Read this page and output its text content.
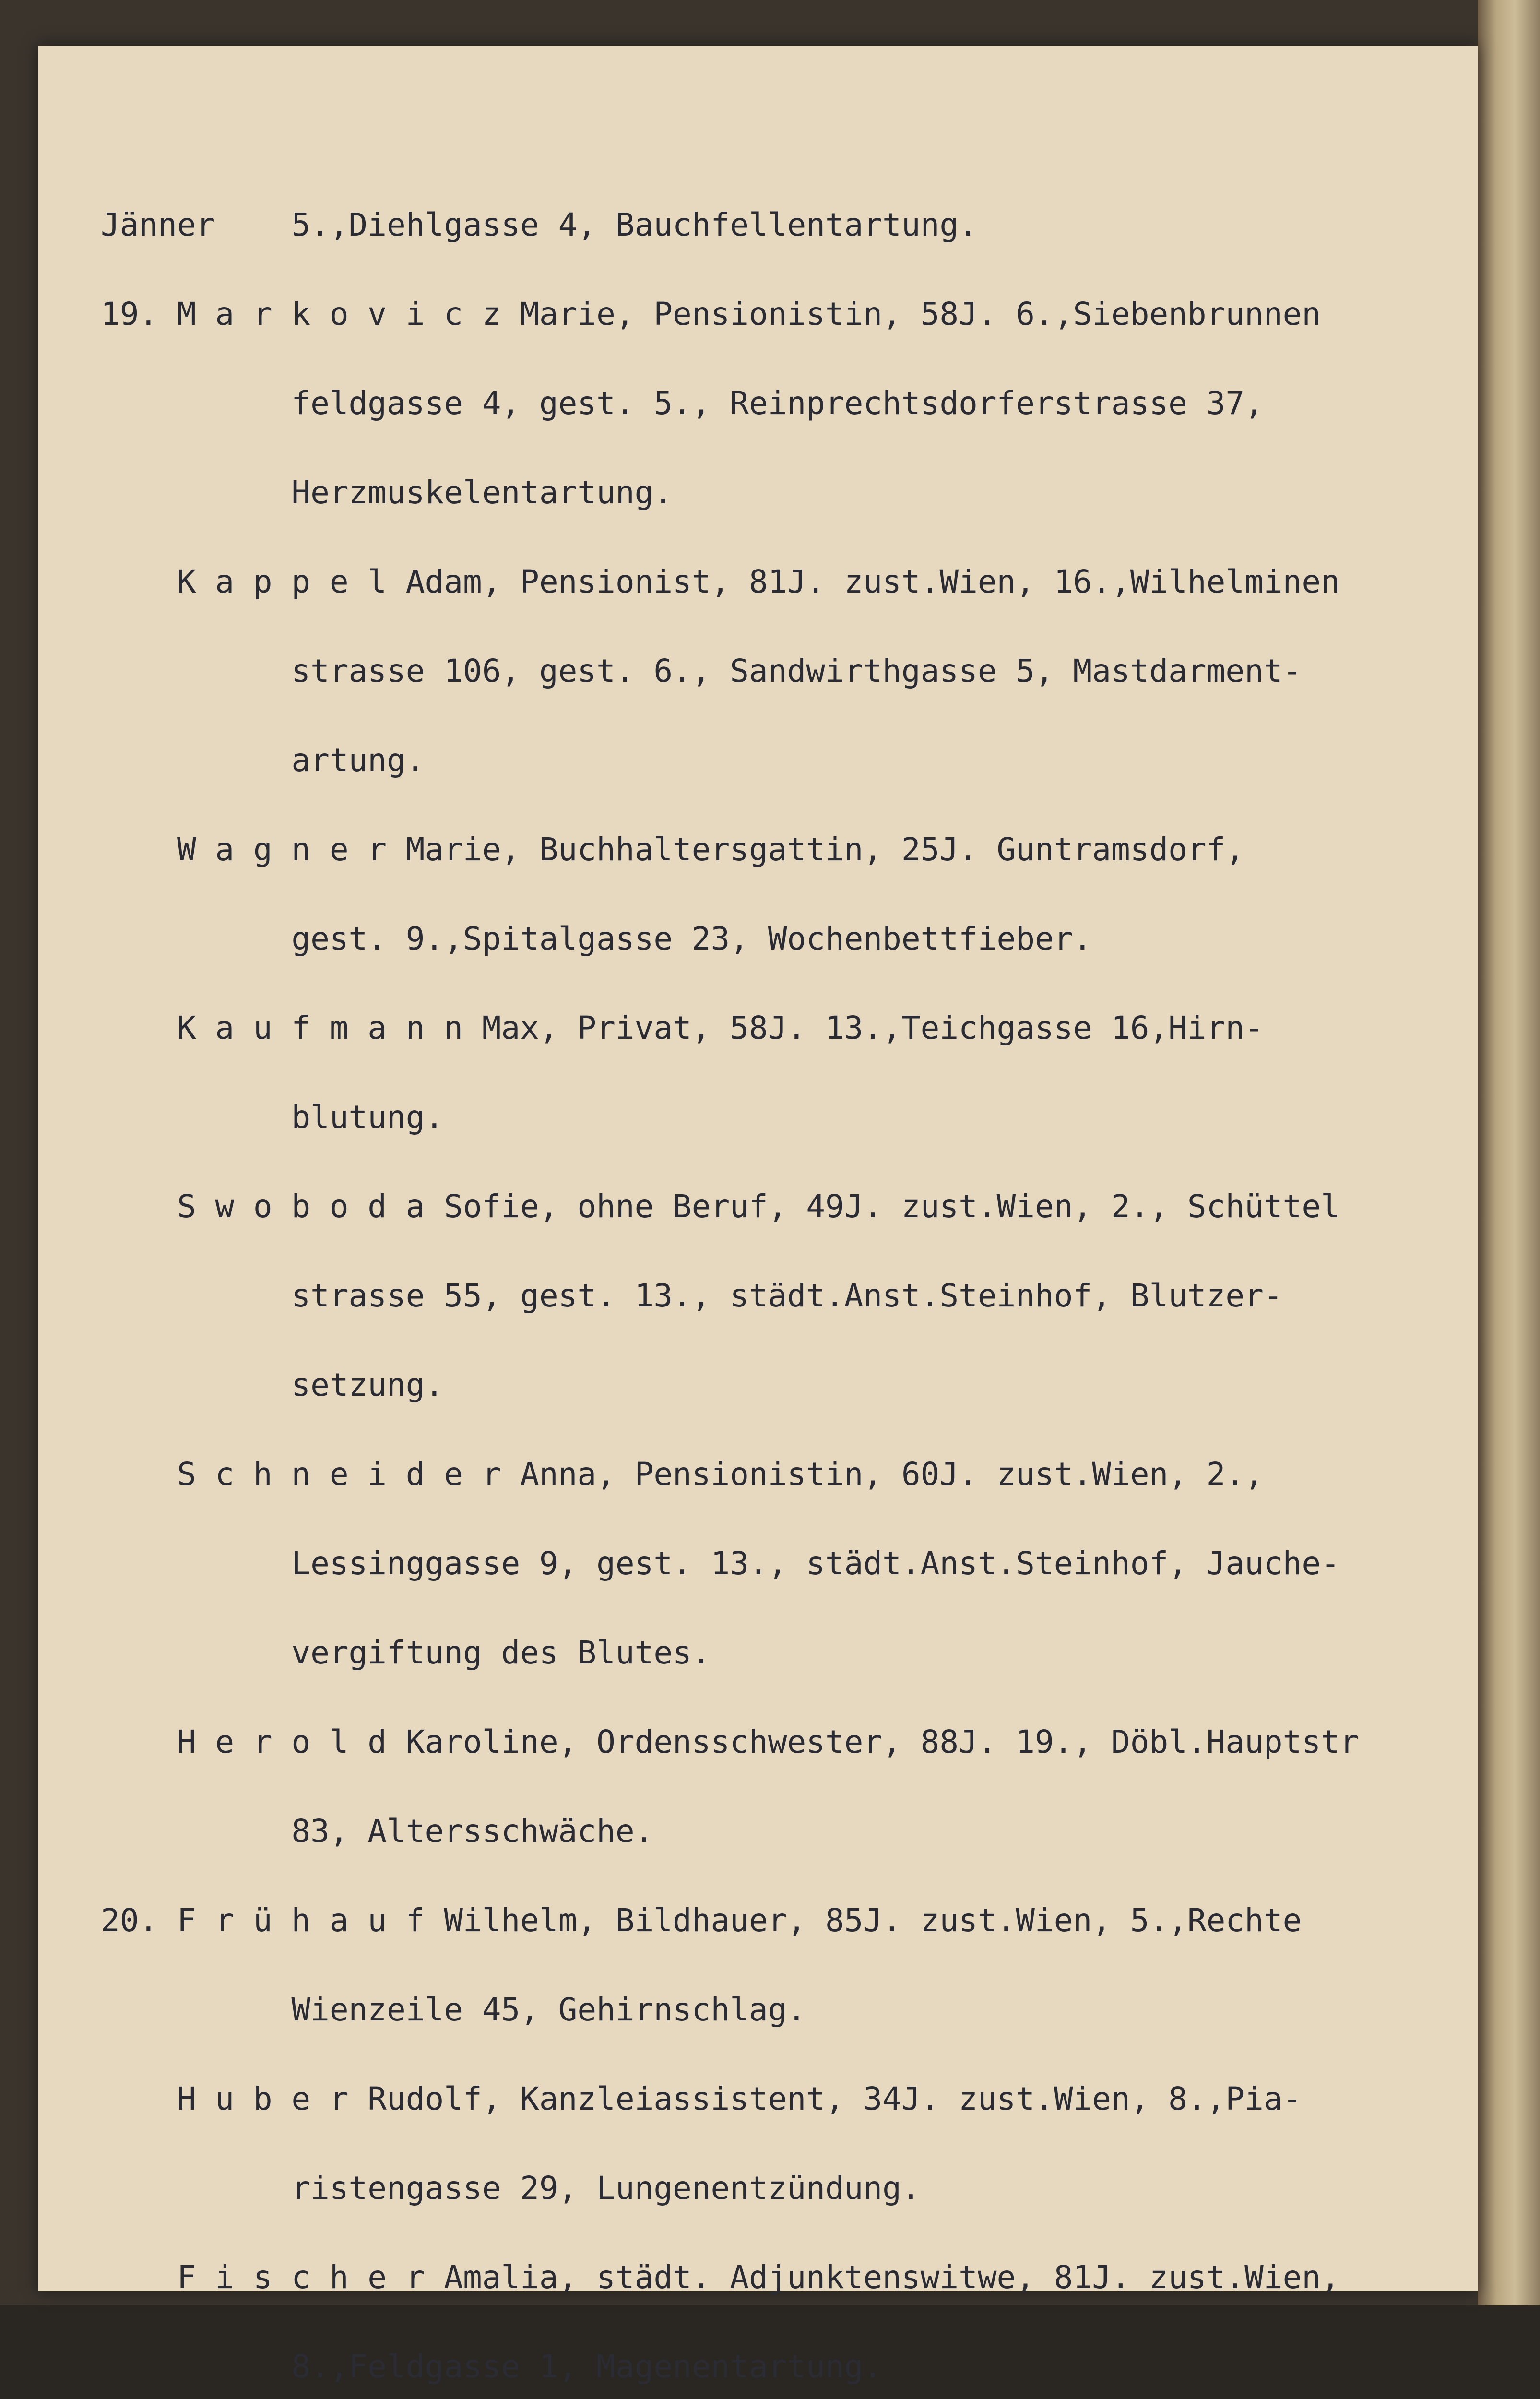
Jänner    5.,Diehlgasse 4, Bauchfellentartung.

19. M a r k o v i c z Marie, Pensionistin, 58J. 6.,Siebenbrunnen

feldgasse 4, gest. 5., Reinprechtsdorferstrasse 37,

Herzmuskelentartung.

K a p p e l Adam, Pensionist, 81J. zust.Wien, 16.,Wilhelminen

strasse 106, gest. 6., Sandwirthgasse 5, Mastdarment-

artung.

W a g n e r Marie, Buchhaltersgattin, 25J. Guntramsdorf,

gest. 9.,Spitalgasse 23, Wochenbettfieber.

K a u f m a n n Max, Privat, 58J. 13.,Teichgasse 16,Hirn-

blutung.

S w o b o d a Sofie, ohne Beruf, 49J. zust.Wien, 2., Schüttel

strasse 55, gest. 13., städt.Anst.Steinhof, Blutzer-

setzung.

S c h n e i d e r Anna, Pensionistin, 60J. zust.Wien, 2.,

Lessinggasse 9, gest. 13., städt.Anst.Steinhof, Jauche-

vergiftung des Blutes.

H e r o l d Karoline, Ordensschwester, 88J. 19., Döbl.Hauptstr

83, Altersschwäche.

20. F r ü h a u f Wilhelm, Bildhauer, 85J. zust.Wien, 5.,Rechte

Wienzeile 45, Gehirnschlag.

H u b e r Rudolf, Kanzleiassistent, 34J. zust.Wien, 8.,Pia-

ristengasse 29, Lungenentzündung.

F i s c h e r Amalia, städt. Adjunktenswitwe, 81J. zust.Wien,

8.,Feldgasse 1, Magenentartung.
